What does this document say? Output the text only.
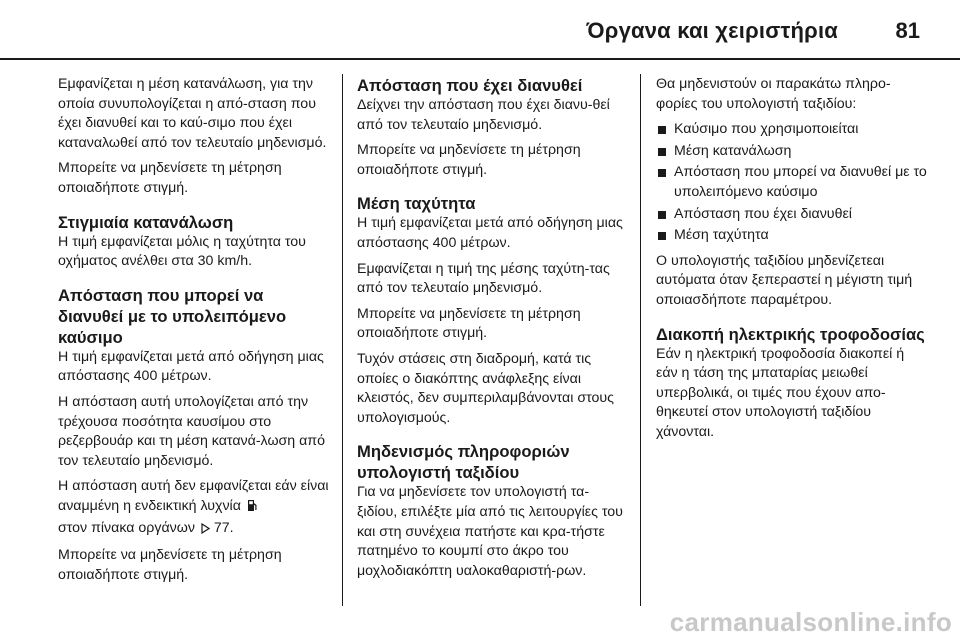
Όργανα και χειριστήρια	81

Εμφανίζεται η μέση κατανάλωση, για την οποία συνυπολογίζεται η από-σταση που έχει διανυθεί και το καύ-σιμο που έχει καταναλωθεί από τον τελευταίο μηδενισμό.

Μπορείτε να μηδενίσετε τη μέτρηση οποιαδήποτε στιγμή.

Στιγμιαία κατανάλωση

Η τιμή εμφανίζεται μόλις η ταχύτητα του οχήματος ανέλθει στα 30 km/h.

Απόσταση που μπορεί να διανυθεί με το υπολειπόμενο καύσιμο

Η τιμή εμφανίζεται μετά από οδήγηση μιας απόστασης 400 μέτρων.

Η απόσταση αυτή υπολογίζεται από την τρέχουσα ποσότητα καυσίμου στο ρεζερβουάρ και τη μέση κατανά-λωση από τον τελευταίο μηδενισμό.

Η απόσταση αυτή δεν εμφανίζεται εάν είναι αναμμένη η ενδεικτική λυχνία
στον πίνακα οργάνων 77.

Μπορείτε να μηδενίσετε τη μέτρηση οποιαδήποτε στιγμή.

Απόσταση που έχει διανυθεί

Δείχνει την απόσταση που έχει διανυ-θεί από τον τελευταίο μηδενισμό.

Μπορείτε να μηδενίσετε τη μέτρηση οποιαδήποτε στιγμή.

Μέση ταχύτητα

Η τιμή εμφανίζεται μετά από οδήγηση μιας απόστασης 400 μέτρων.

Εμφανίζεται η τιμή της μέσης ταχύτη-τας από τον τελευταίο μηδενισμό.

Μπορείτε να μηδενίσετε τη μέτρηση οποιαδήποτε στιγμή.

Τυχόν στάσεις στη διαδρομή, κατά τις οποίες ο διακόπτης ανάφλεξης είναι κλειστός, δεν συμπεριλαμβάνονται στους υπολογισμούς.

Μηδενισμός πληροφοριών υπολογιστή ταξιδίου

Για να μηδενίσετε τον υπολογιστή τα-ξιδίου, επιλέξτε μία από τις λειτουργίες του και στη συνέχεια πατήστε και κρα-τήστε πατημένο το κουμπί στο άκρο του μοχλοδιακόπτη υαλοκαθαριστή-ρων.

Θα μηδενιστούν οι παρακάτω πληρο-φορίες του υπολογιστή ταξιδίου:

Καύσιμο που χρησιμοποιείται
Μέση κατανάλωση
Απόσταση που μπορεί να διανυθεί με το υπολειπόμενο καύσιμο
Απόσταση που έχει διανυθεί
Μέση ταχύτητα

Ο υπολογιστής ταξιδίου μηδενίζετεαι αυτόματα όταν ξεπεραστεί η μέγιστη τιμή οποιασδήποτε παραμέτρου.

Διακοπή ηλεκτρικής τροφοδοσίας

Εάν η ηλεκτρική τροφοδοσία διακοπεί ή εάν η τάση της μπαταρίας μειωθεί υπερβολικά, οι τιμές που έχουν απο-θηκευτεί στον υπολογιστή ταξιδίου χάνονται.

carmanualsonline.info
